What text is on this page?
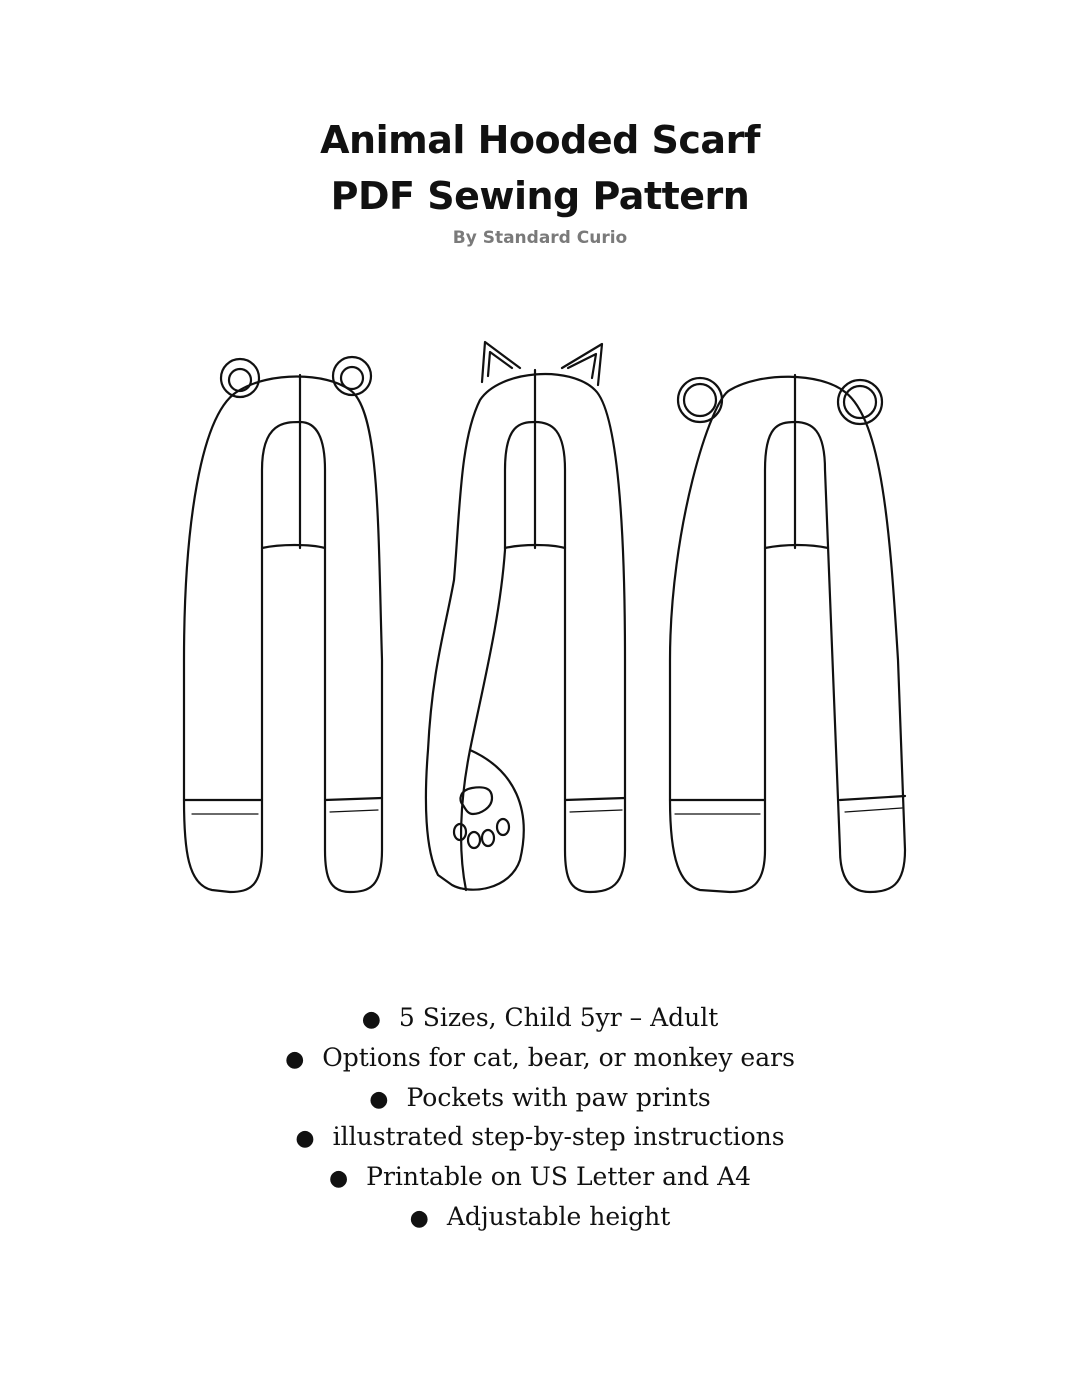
Animal Hooded Scarf
PDF Sewing Pattern
By Standard Curio
● 5 Sizes, Child 5yr – Adult
● Options for cat, bear, or monkey ears
● Pockets with paw prints
● illustrated step-by-step instructions
● Printable on US Letter and A4
● Adjustable height
